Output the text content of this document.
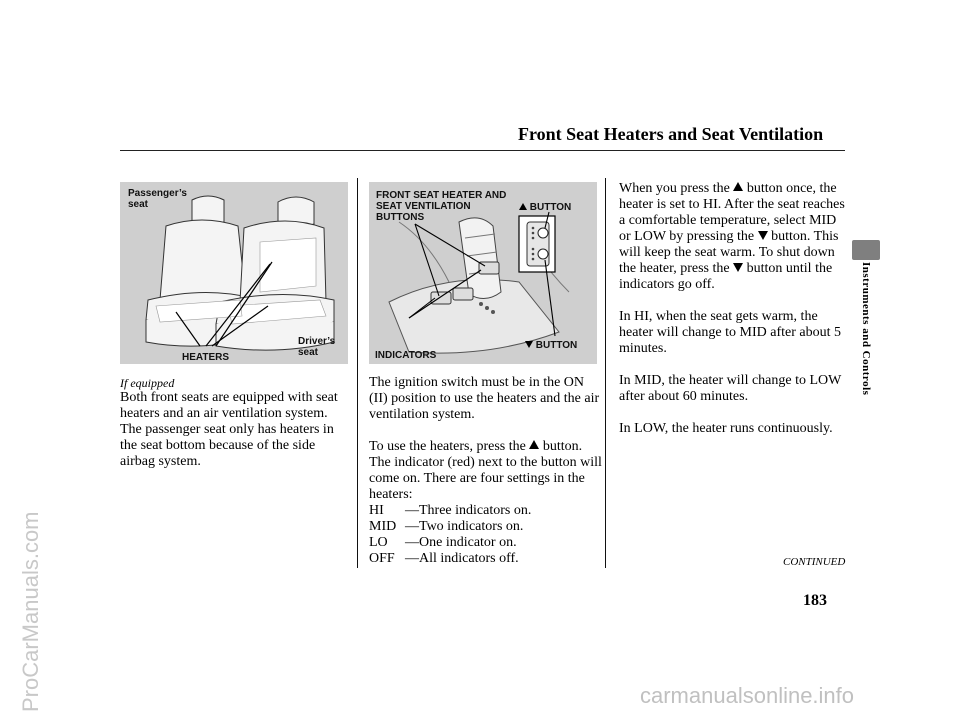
Front Seat Heaters and Seat Ventilation
Instruments and Controls
Passenger’s
seat
HEATERS
Driver’s
seat
FRONT SEAT HEATER AND
SEAT VENTILATION
BUTTONS
BUTTON
INDICATORS
BUTTON

If equipped

Both front seats are equipped with seat heaters and an air ventilation system. The passenger seat only has heaters in the seat bottom because of the side airbag system.

The ignition switch must be in the ON (II) position to use the heaters and the air ventilation system.

To use the heaters, press the button. The indicator (red) next to the button will come on. There are four settings in the heaters:

HI	— Three indicators on.
MID — Two indicators on.
LO	— One indicator on.
OFF — All indicators off.

When you press the button once, the heater is set to HI. After the seat reaches a comfortable temperature, select MID or LOW by pressing the button. This will keep the seat warm. To shut down the heater, press the button until the indicators go off.

In HI, when the seat gets warm, the heater will change to MID after about 5 minutes.

In MID, the heater will change to LOW after about 60 minutes.

In LOW, the heater runs continuously.

CONTINUED
183
ProCarManuals.com	carmanualsonline.info
